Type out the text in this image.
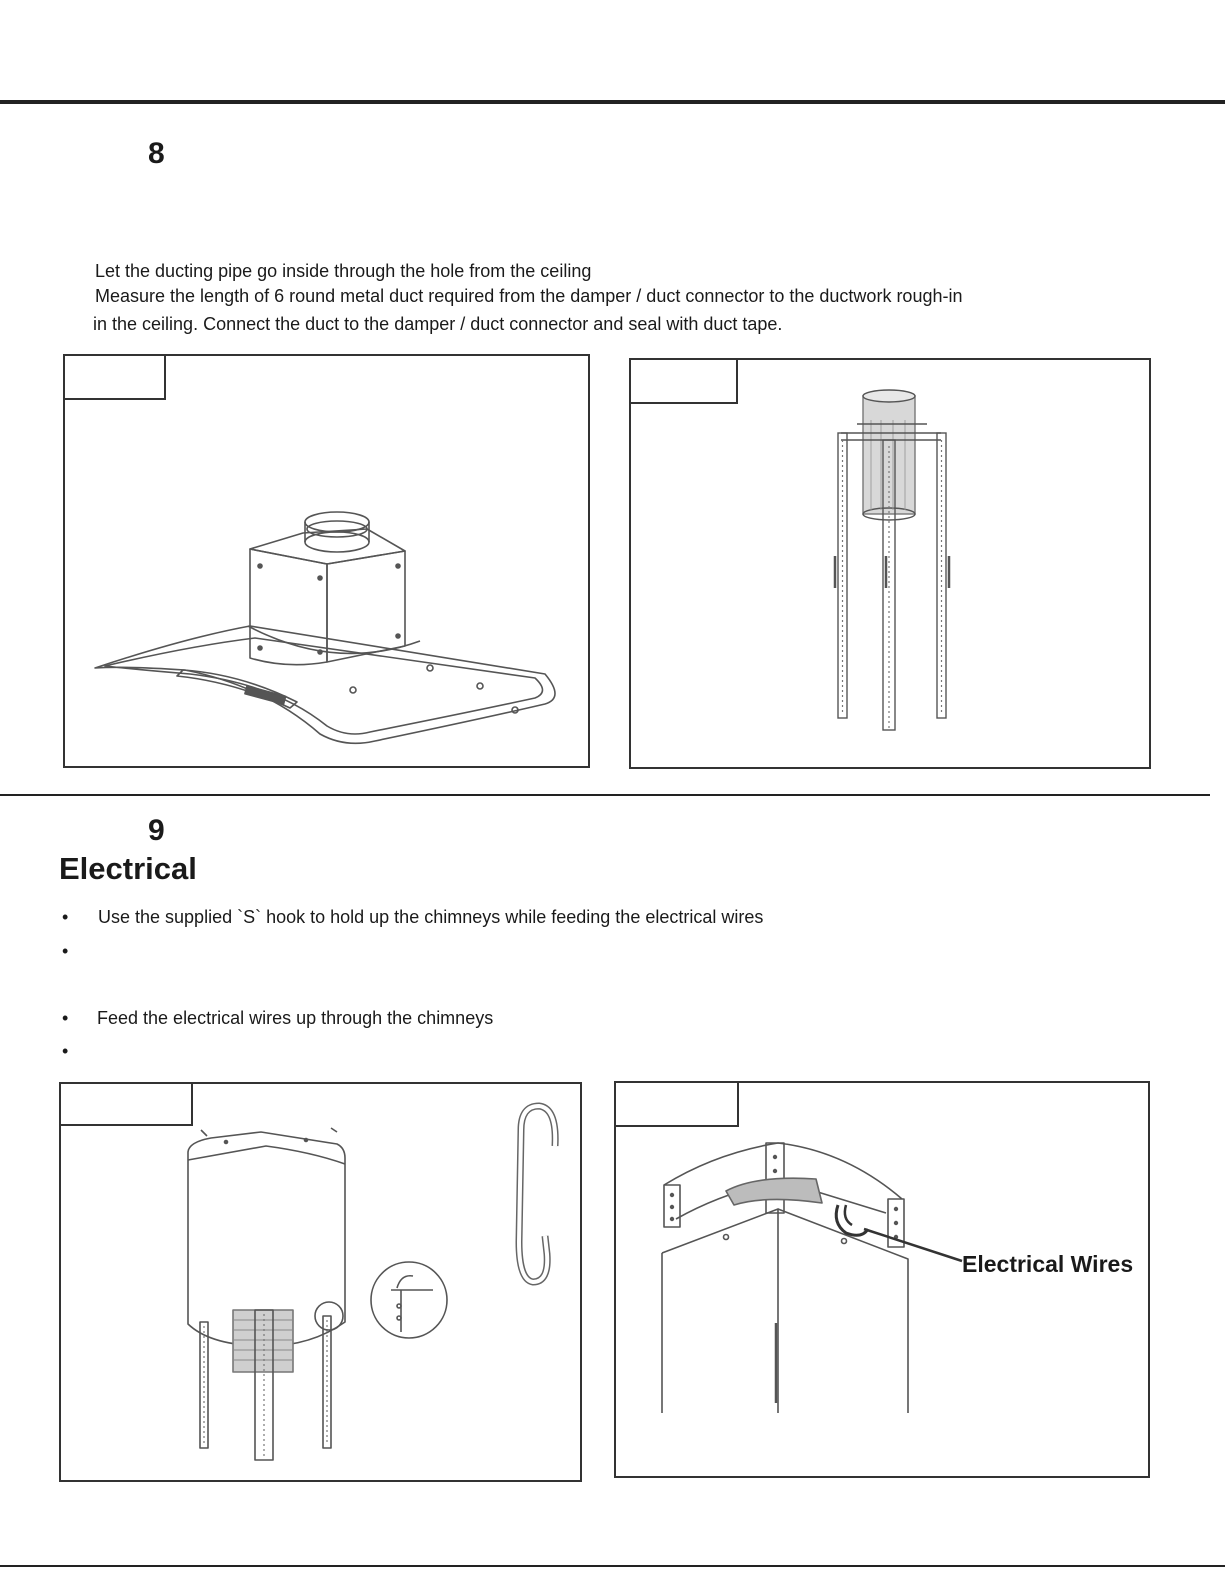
8
Let the ducting pipe go inside through the hole from the ceiling
Measure the length of 6 round metal duct required from the damper / duct connector to the ductwork rough-in
in the ceiling. Connect the duct to the damper / duct connector and seal with duct tape.
9
Electrical
• Use the supplied `S` hook to hold up the chimneys while feeding the electrical wires
•
• Feed the electrical wires up through the chimneys
•
Electrical Wires
